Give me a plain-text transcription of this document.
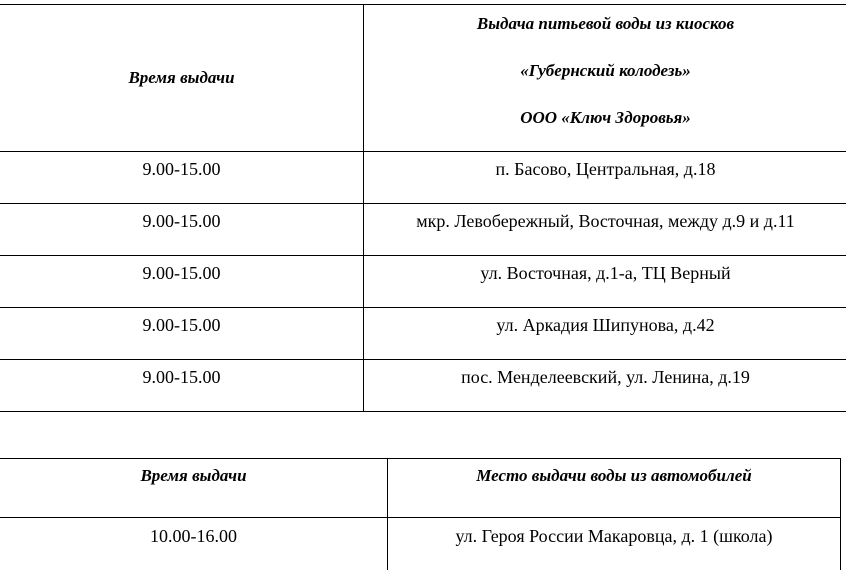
Время выдачи	Выдача питьевой воды из киосков
«Губернский колодезь»
ООО «Ключ Здоровья»

9.00-15.00	п. Басово, Центральная, д.18
9.00-15.00	мкр. Левобережный, Восточная, между д.9 и д.11
9.00-15.00	ул. Восточная, д.1-а, ТЦ Верный
9.00-15.00	ул. Аркадия Шипунова, д.42
9.00-15.00	пос. Менделеевский, ул. Ленина, д.19
Время выдачи	Место выдачи воды из автомобилей
10.00-16.00	ул. Героя России Макаровца, д. 1 (школа)
